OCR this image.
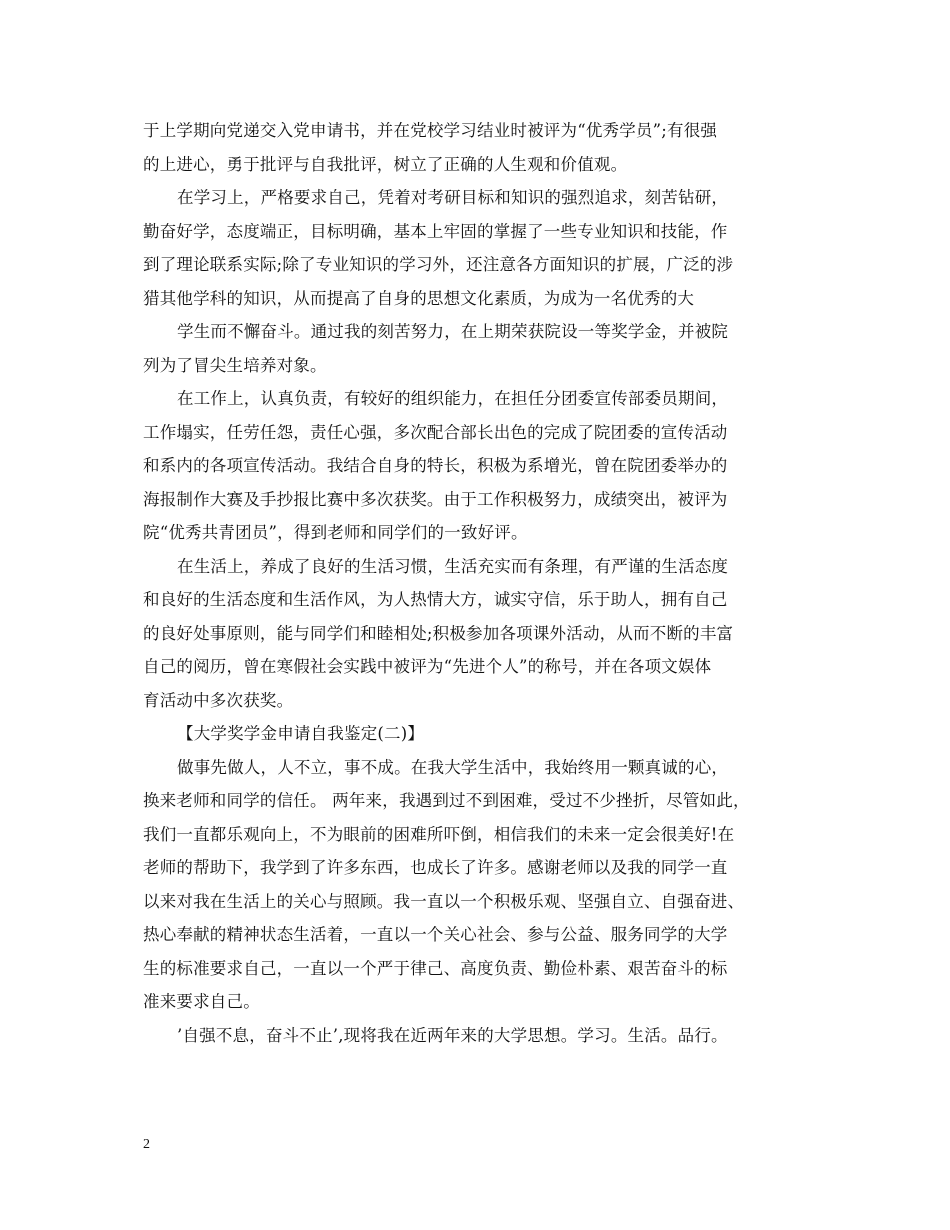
于上学期向党递交入党申请书，并在党校学习结业时被评为“优秀学员”;有很强
的上进心，勇于批评与自我批评，树立了正确的人生观和价值观。
在学习上，严格要求自己，凭着对考研目标和知识的强烈追求，刻苦钻研，
勤奋好学，态度端正，目标明确，基本上牢固的掌握了一些专业知识和技能，作
到了理论联系实际;除了专业知识的学习外，还注意各方面知识的扩展，广泛的涉
猎其他学科的知识，从而提高了自身的思想文化素质，为成为一名优秀的大
学生而不懈奋斗。通过我的刻苦努力，在上期荣获院设一等奖学金，并被院
列为了冒尖生培养对象。
在工作上，认真负责，有较好的组织能力，在担任分团委宣传部委员期间，
工作塌实，任劳任怨，责任心强，多次配合部长出色的完成了院团委的宣传活动
和系内的各项宣传活动。我结合自身的特长，积极为系增光，曾在院团委举办的
海报制作大赛及手抄报比赛中多次获奖。由于工作积极努力，成绩突出，被评为
院“优秀共青团员”，得到老师和同学们的一致好评。
在生活上，养成了良好的生活习惯，生活充实而有条理，有严谨的生活态度
和良好的生活态度和生活作风，为人热情大方，诚实守信，乐于助人，拥有自己
的良好处事原则，能与同学们和睦相处;积极参加各项课外活动，从而不断的丰富
自己的阅历，曾在寒假社会实践中被评为“先进个人”的称号，并在各项文娱体
育活动中多次获奖。
【大学奖学金申请自我鉴定(二)】
做事先做人，人不立，事不成。在我大学生活中，我始终用一颗真诚的心，
换来老师和同学的信任。 两年来，我遇到过不到困难，受过不少挫折，尽管如此，
我们一直都乐观向上，不为眼前的困难所吓倒，相信我们的未来一定会很美好!在
老师的帮助下，我学到了许多东西，也成长了许多。感谢老师以及我的同学一直
以来对我在生活上的关心与照顾。我一直以一个积极乐观、坚强自立、自强奋进、
热心奉献的精神状态生活着，一直以一个关心社会、参与公益、服务同学的大学
生的标准要求自己，一直以一个严于律己、高度负责、勤俭朴素、艰苦奋斗的标
准来要求自己。
’自强不息，奋斗不止’,现将我在近两年来的大学思想。学习。生活。品行。
2
